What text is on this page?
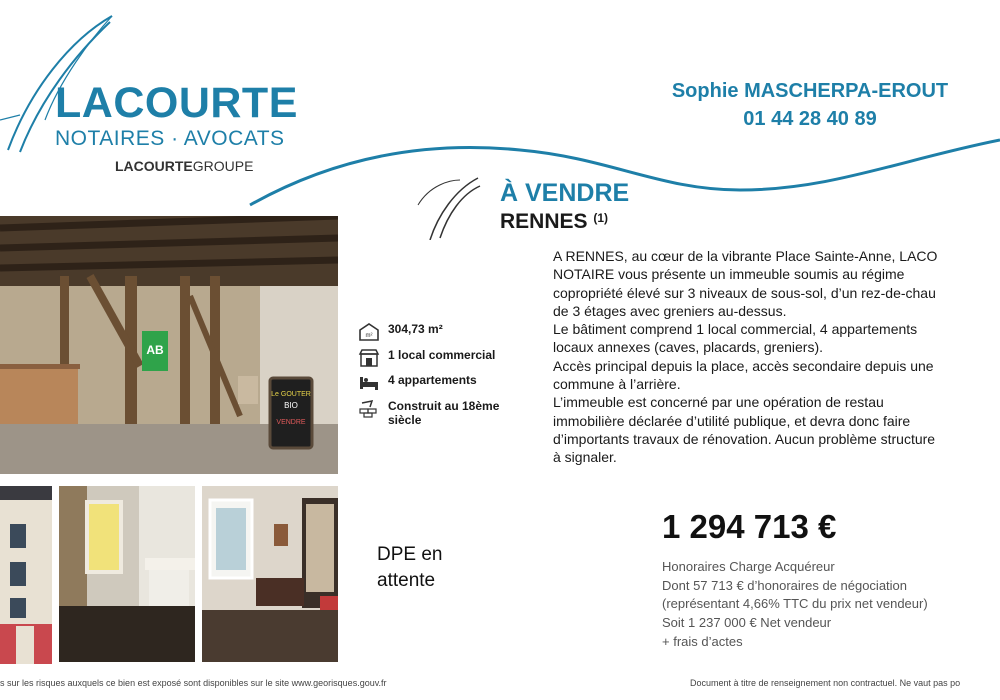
LACOURTE
NOTAIRES · AVOCATS
LACOURTEGROUPE
Sophie MASCHERPA-EROUT
01 44 28 40 89
À VENDRE
RENNES $^{(1)}$
AB
Le GOUTER
BIO
VENDRE
m² 304,73 m²
1 local commercial
4 appartements
Construit au 18ème siècle

A RENNES, au cœur de la vibrante Place Sainte-Anne, LACO

NOTAIRE vous présente un immeuble soumis au régime

copropriété élevé sur 3 niveaux de sous-sol, d’un rez-de-chau

de 3 étages avec greniers au-dessus.

Le bâtiment comprend 1 local commercial, 4 appartements

locaux annexes (caves, placards, greniers).

Accès principal depuis la place, accès secondaire depuis une

commune à l’arrière.

L’immeuble est concerné par une opération de restau

immobilière déclarée d’utilité publique, et devra donc faire

d’importants travaux de rénovation. Aucun problème structure

à signaler.

1 294 713 €
Honoraires Charge Acquéreur
Dont 57 713 € d’honoraires de négociation
(représentant 4,66% TTC du prix net vendeur)
Soit 1 237 000 € Net vendeur
+ frais d’actes
DPE en
attente
s sur les risques auxquels ce bien est exposé sont disponibles sur le site www.georisques.gouv.fr	Document à titre de renseignement non contractuel. Ne vaut pas po
